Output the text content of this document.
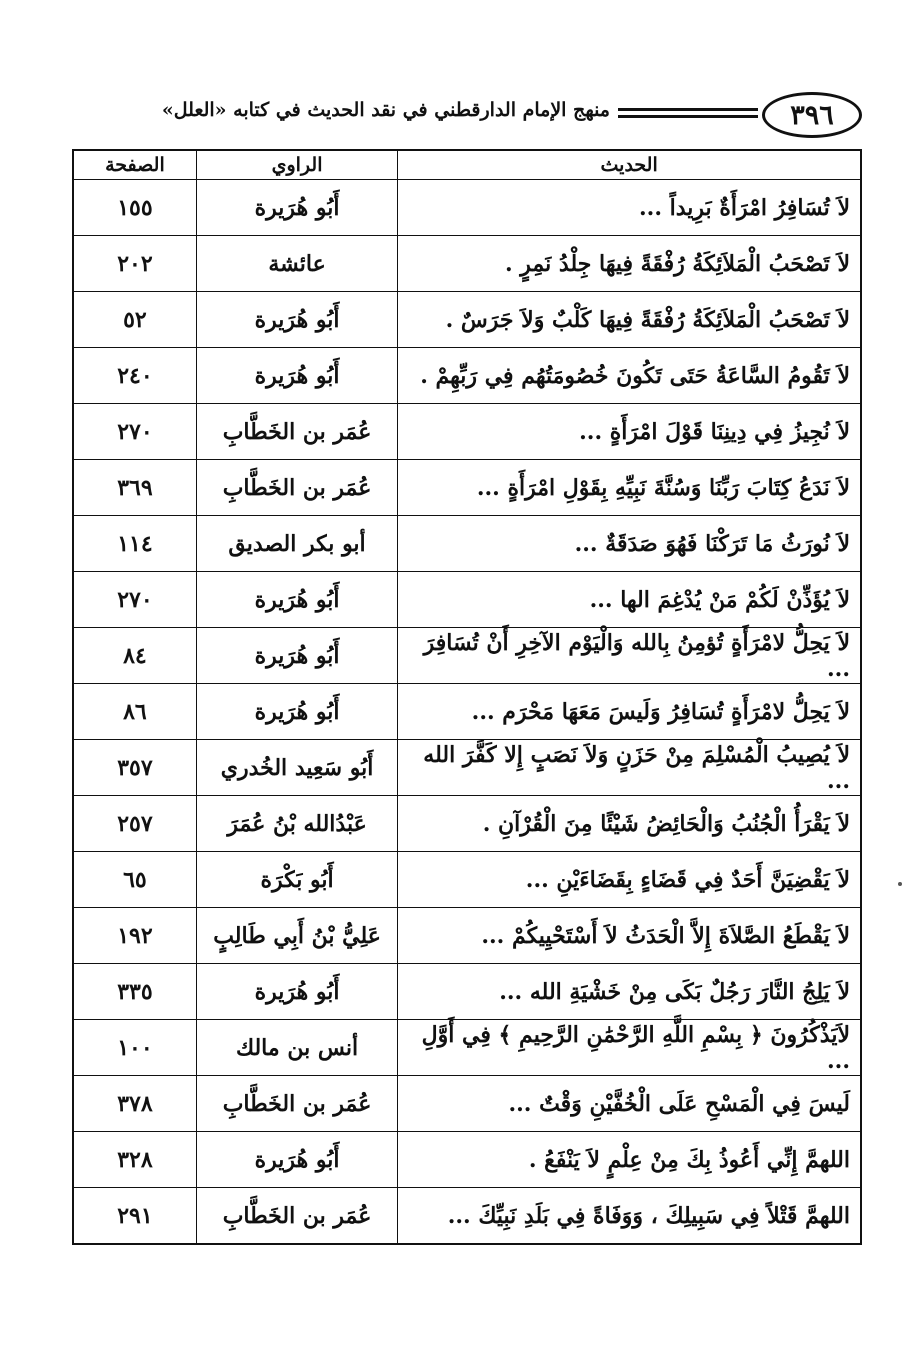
٣٩٦
منهج الإمام الدارقطني في نقد الحديث في كتابه «العلل»
الحديث	الراوي	الصفحة
لاَ تُسَافِرُ امْرَأَةٌ بَرِيداً ...	أَبُو هُرَيرة	١٥٥
لاَ تَصْحَبُ الْمَلاَئِكَةُ رُفْقَةً فِيهَا جِلْدُ نَمِرٍ .	عائشة	٢٠٢
لاَ تَصْحَبُ الْمَلاَئِكَةُ رُفْقَةً فِيهَا كَلْبٌ وَلاَ جَرَسٌ .	أَبُو هُرَيرة	٥٢
لاَ تَقُومُ السَّاعَةُ حَتَى تَكُونَ خُصُومَتُهُم فِي رَبِّهِمْ .	أَبُو هُرَيرة	٢٤٠
لاَ نُجِيزُ فِي دِينِنَا قَوْلَ امْرَأَةٍ ...	عُمَر بن الخَطَّابِ	٢٧٠
لاَ نَدَعُ كِتَابَ رَبِّنَا وَسُنَّةَ نَبِيِّهِ بِقَوْلِ امْرَأَةٍ ...	عُمَر بن الخَطَّابِ	٣٦٩
لاَ نُورَثُ مَا تَرَكْنَا فَهُوَ صَدَقَةٌ ...	أبو بكر الصديق	١١٤
لاَ يُؤَذِّنْ لَكُمْ مَنْ يُدْغِمَ الها ...	أَبُو هُرَيرة	٢٧٠
لاَ يَحِلُّ لامْرَأَةٍ تُؤمِنُ بِالله وَالْيَوْم الآخِرِ أَنْ تُسَافِرَ ...	أَبُو هُرَيرة	٨٤
لاَ يَحِلُّ لامْرَأَةٍ تُسَافِرُ وَلَيسَ مَعَهَا مَحْرَم ...	أَبُو هُرَيرة	٨٦
لاَ يُصِيبُ الْمُسْلِمَ مِنْ حَزَنٍ وَلاَ نَصَبٍ إِلا كَفَّرَ الله ...	أَبُو سَعِيد الخُدري	٣٥٧
لاَ يَقْرَأُ الْجُنُبُ وَالْحَائِضُ شَيْئًا مِنَ الْقُرْآنِ .	عَبْدُالله بْنُ عُمَرَ	٢٥٧
لاَ يَقْضِيَنَّ أَحَدٌ فِي قَضَاءٍ بِقَضَاءَيْنِ ...	أَبُو بَكْرَة	٦٥
لاَ يَقْطَعُ الصَّلاَةَ إِلاَّ الْحَدَثُ لاَ أَسْتَحْيِيكُمْ ...	عَلِيُّ بْنُ أَبِي طَالِبٍ	١٩٢
لاَ يَلِجُ النَّارَ رَجُلٌ بَكَى مِنْ خَشْيَةِ الله ...	أَبُو هُرَيرة	٣٣٥
لاَيَذْكُرُونَ ﴿ بِسْمِ اللَّهِ الرَّحْمَٰنِ الرَّحِيمِ ﴾ فِي أَوَّلِ ...	أنس بن مالك	١٠٠
لَيسَ فِي الْمَسْحِ عَلَى الْخُفَّيْنِ وَقْتٌ ...	عُمَر بن الخَطَّابِ	٣٧٨
اللهمَّ إِنِّي أَعُوذُ بِكَ مِنْ عِلْمٍ لاَ يَنْفَعُ .	أَبُو هُرَيرة	٣٢٨
اللهمَّ قَتْلاً فِي سَبِيلِكَ ، وَوَفَاةً فِي بَلَدِ نَبِيِّكَ ...	عُمَر بن الخَطَّابِ	٢٩١
